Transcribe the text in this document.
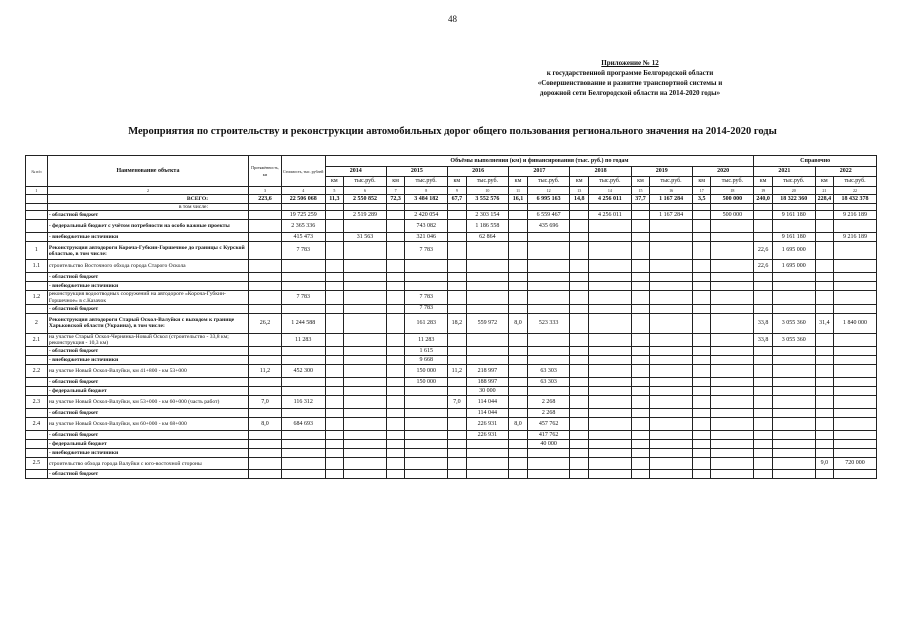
48
Приложение № 12
к государственной программе Белгородской области
«Совершенствование и развитие транспортной системы и
дорожной сети Белгородской области на 2014-2020 годы»
Мероприятия по строительству и реконструкции автомобильных дорог общего пользования регионального значения на 2014-2020 годы
№ п/п	Наименование объекта	Протяжённость, км	Стоимость, тыс. рублей	Объёмы выполнения (км) и финансирования (тыс. руб.) по годам														Справочно			
				2014		2015		2016		2017		2018		2019		2020		2021		2022	
				км	тыс.руб.	км	тыс.руб.	км	тыс.руб.	км	тыс.руб.	км	тыс.руб.	км	тыс.руб.	км	тыс.руб.	км	тыс.руб.	км	тыс.руб.
1	2	3	4	5	6	7	8	9	10	11	12	13	14	15	16	17	18	19	20	21	22
	ВСЕГО:	223,6	22 506 068	11,3	2 550 852	72,3	3 484 182	67,7	3 552 576	16,1	6 995 163	14,8	4 256 011	37,7	1 167 284	3,5	500 000	240,0	18 322 360	228,4	18 432 378
	в том числе:																				
	- областной бюджет		19 725 259		2 519 289		2 420 054		2 303 154		6 559 467		4 256 011		1 167 284		500 000		9 161 180		9 216 189
	- федеральный бюджет с учётом потребности на особо важные проекты		2 365 336				743 082		1 186 558		435 696										
	- внебюджетные источники		415 473		31 563		321 046		62 864										9 161 180		9 216 189
1	Реконструкция автодороги Короча-Губкин-Горшечное до границы с Курской областью, в том числе:		7 783				7 783											22,6	1 695 000		
1.1	строительство Восточного обхода города Старого Оскола																	22,6	1 695 000		
	- областной бюджет																				
	- внебюджетные источники																				
1.2	реконструкция водоотводных сооружений на автодороге «Короча-Губкин-Горшечное» в с.Казачок		7 783				7 783														
	- областной бюджет						7 783														
2	Реконструкция автодороги Старый Оскол-Валуйки с выходом к границе Харьковской области (Украина), в том числе:	26,2	1 244 588				161 283	18,2	559 972	8,0	523 333							33,8	3 055 360	31,4	1 840 000
2.1	на участке Старый Оскол-Чернянка-Новый Оскол (строительство - 33,8 км; реконструкция - 10,3 км)		11 283				11 283											33,8	3 055 360		
	- областной бюджет						1 615														
	- внебюджетные источники						9 668														
2.2	на участке Новый Оскол-Валуйки, км 41+800 - км 53+000	11,2	452 300				150 000	11,2	218 997		63 303										
	- областной бюджет						150 000		188 997		63 303										
	- федеральный бюджет								30 000												
2.3	на участке Новый Оскол-Валуйки, км 53+000 - км 60+000 (часть работ)	7,0	116 312					7,0	114 044		2 268										
	- областной бюджет								114 044		2 268										
2.4	на участке Новый Оскол-Валуйки, км 60+000 - км 68+000	8,0	684 693						226 931	8,0	457 762										
	- областной бюджет								226 931		417 762										
	- федеральный бюджет										40 000										
	- внебюджетные источники																				
2.5	строительство обхода города Валуйки с юго-восточной стороны																			9,0	720 000
	- областной бюджет																				
